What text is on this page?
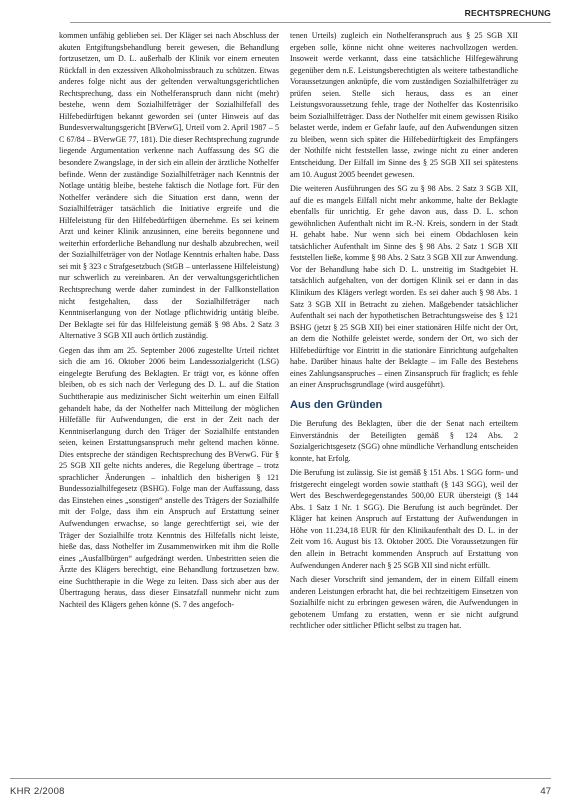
RECHTSPRECHUNG

kommen unfähig geblieben sei. Der Kläger sei nach Abschluss der akuten Entgiftungsbehandlung bereit gewesen, die Behandlung fortzusetzen, um D. L. außerhalb der Klinik vor einem erneuten Rückfall in den exzessiven Alkoholmissbrauch zu schützen. Etwas anderes folge nicht aus der geltenden verwaltungsgerichtlichen Rechtsprechung, dass ein Nothelferanspruch dann nicht (mehr) bestehe, wenn dem Sozialhilfeträger der Sozialhilfefall des Hilfebedürftigen bekannt geworden sei (unter Hinweis auf das Bundesverwaltungsgericht [BVerwG], Urteil vom 2. April 1987 – 5 C 67/84 – BVerwGE 77, 181). Die dieser Rechtsprechung zugrunde liegende Argumentation verkenne nach Auffassung des SG die besondere Zwangslage, in der sich ein allein der ärztliche Nothelfer befinde. Wenn der zuständige Sozialhilfeträger nach Kenntnis der Notlage untätig bleibe, bestehe faktisch die Notlage fort. Für den Nothelfer verändere sich die Situation erst dann, wenn der Sozialhilfeträger tatsächlich die Initiative ergreife und die Hilfeleistung für den Hilfebedürftigen übernehme. Es sei keinem Arzt und keiner Klinik anzusinnen, eine bereits begonnene und weiterhin erforderliche Behandlung nur deshalb abzubrechen, weil der Sozialhilfeträger von der Notlage Kenntnis erhalten habe. Dass sei mit § 323 c Strafgesetzbuch (StGB – unterlassene Hilfeleistung) nur schwerlich zu vereinbaren. An der verwaltungsgerichtlichen Rechtsprechung werde daher zumindest in der Fallkonstellation nicht festgehalten, dass der Sozialhilfeträger nach Kenntniserlangung von der Notlage pflichtwidrig untätig bleibe. Der Beklagte sei für das Hilfeleistung gemäß § 98 Abs. 2 Satz 3 Alternative 3 SGB XII auch örtlich zuständig.

Gegen das ihm am 25. September 2006 zugestellte Urteil richtet sich die am 16. Oktober 2006 beim Landessozialgericht (LSG) eingelegte Berufung des Beklagten. Er trägt vor, es könne offen bleiben, ob es sich nach der Verlegung des D. L. auf die Station Suchttherapie aus medizinischer Sicht weiterhin um einen Eilfall gehandelt habe, da der Nothelfer nach Mitteilung der möglichen Hilfefälle für Aufwendungen, die erst in der Zeit nach der Kenntniserlangung durch den Träger der Sozialhilfe entstanden seien, keinen Erstattungsanspruch mehr geltend machen könne. Dies entspreche der ständigen Rechtsprechung des BVerwG. Für § 25 SGB XII gelte nichts anderes, die Regelung übertrage – trotz sprachlicher Änderungen – inhaltlich den bisherigen § 121 Bundessozialhilfegesetz (BSHG). Folge man der Auffassung, dass das Einstehen eines „sonstigen“ anstelle des Trägers der Sozialhilfe mit der Folge, dass ihm ein Anspruch auf Erstattung seiner Aufwendungen erwachse, so lange gerechtfertigt sei, wie der Träger der Sozialhilfe trotz Kenntnis des Hilfefalls nicht leiste, hieße das, dass Nothelfer im Zusammenwirken mit ihm die Rolle eines „Ausfallbürgen“ aufgedrängt werden. Unbestritten seien die Ärzte des Klägers berechtigt, eine Behandlung fortzusetzen bzw. eine Suchttherapie in die Wege zu leiten. Dass sich aber aus der Übertragung heraus, dass dieser Einsatzfall nunmehr nicht zum Nachteil des Klägers gehen könne (S. 7 des angefoch-

tenen Urteils) zugleich ein Nothelferanspruch aus § 25 SGB XII ergeben solle, könne nicht ohne weiteres nachvollzogen werden. Insoweit werde verkannt, dass eine tatsächliche Hilfegewährung gegenüber dem n.E. Leistungsberechtigten als weitere tatbestandliche Voraussetzungen anknüpfe, die vom zuständigen Sozialhilfeträger zu prüfen seien. Stelle sich heraus, dass es an einer Leistungsvoraussetzung fehle, trage der Nothelfer das Kostenrisiko beim Sozialhilfeträger. Dass der Nothelfer mit einem gewissen Risiko belastet werde, indem er Gefahr laufe, auf den Aufwendungen sitzen zu bleiben, wenn sich später die Hilfebedürftigkeit des Empfängers der Nothilfe nicht feststellen lasse, zwinge nicht zu einer anderen Entscheidung. Der Eilfall im Sinne des § 25 SGB XII sei spätestens am 10. August 2005 beendet gewesen.

Die weiteren Ausführungen des SG zu § 98 Abs. 2 Satz 3 SGB XII, auf die es mangels Eilfall nicht mehr ankomme, halte der Beklagte ebenfalls für unrichtig. Er gehe davon aus, dass D. L. schon gewöhnlichen Aufenthalt nicht im R.-N. Kreis, sondern in der Stadt H. gehabt habe. Nur wenn sich bei einem Obdachlosen kein tatsächlicher Aufenthalt im Sinne des § 98 Abs. 2 Satz 1 SGB XII feststellen ließe, komme § 98 Abs. 2 Satz 3 SGB XII zur Anwendung. Vor der Behandlung habe sich D. L. unstreitig im Stadtgebiet H. tatsächlich aufgehalten, von der dortigen Klinik sei er dann in das Klinikum des Klägers verlegt worden. Es sei daher auch § 98 Abs. 1 Satz 3 SGB XII in Betracht zu ziehen. Maßgebender tatsächlicher Aufenthalt sei nach der hypothetischen Betrachtungsweise des § 121 BSHG (jetzt § 25 SGB XII) bei einer stationären Hilfe nicht der Ort, an dem die Nothilfe geleistet werde, sondern der Ort, wo sich der Hilfebedürftige vor Eintritt in die stationäre Einrichtung aufgehalten habe. Darüber hinaus halte der Beklagte – im Falle des Bestehens eines Zahlungsanspruches – einen Zinsanspruch für fraglich; es fehle an einer Anspruchsgrundlage (wird ausgeführt).

Aus den Gründen

Die Berufung des Beklagten, über die der Senat nach erteiltem Einverständnis der Beteiligten gemäß § 124 Abs. 2 Sozialgerichtsgesetz (SGG) ohne mündliche Verhandlung entscheiden konnte, hat Erfolg.

Die Berufung ist zulässig. Sie ist gemäß § 151 Abs. 1 SGG form- und fristgerecht eingelegt worden sowie statthaft (§ 143 SGG), weil der Wert des Beschwerdegegenstandes 500,00 EUR übersteigt (§ 144 Abs. 1 Satz 1 Nr. 1 SGG). Die Berufung ist auch begründet. Der Kläger hat keinen Anspruch auf Erstattung der Aufwendungen in Höhe von 11.234,18 EUR für den Klinikaufenthalt des D. L. in der Zeit vom 16. August bis 13. Oktober 2005. Die Voraussetzungen für den allein in Betracht kommenden Anspruch auf Erstattung von Aufwendungen Anderer nach § 25 SGB XII sind nicht erfüllt.

Nach dieser Vorschrift sind jemandem, der in einem Eilfall einem anderen Leistungen erbracht hat, die bei rechtzeitigem Einsetzen von Sozialhilfe nicht zu erbringen gewesen wären, die Aufwendungen in gebotenem Umfang zu erstatten, wenn er sie nicht aufgrund rechtlicher oder sittlicher Pflicht selbst zu tragen hat.

KHR 2/2008	47
